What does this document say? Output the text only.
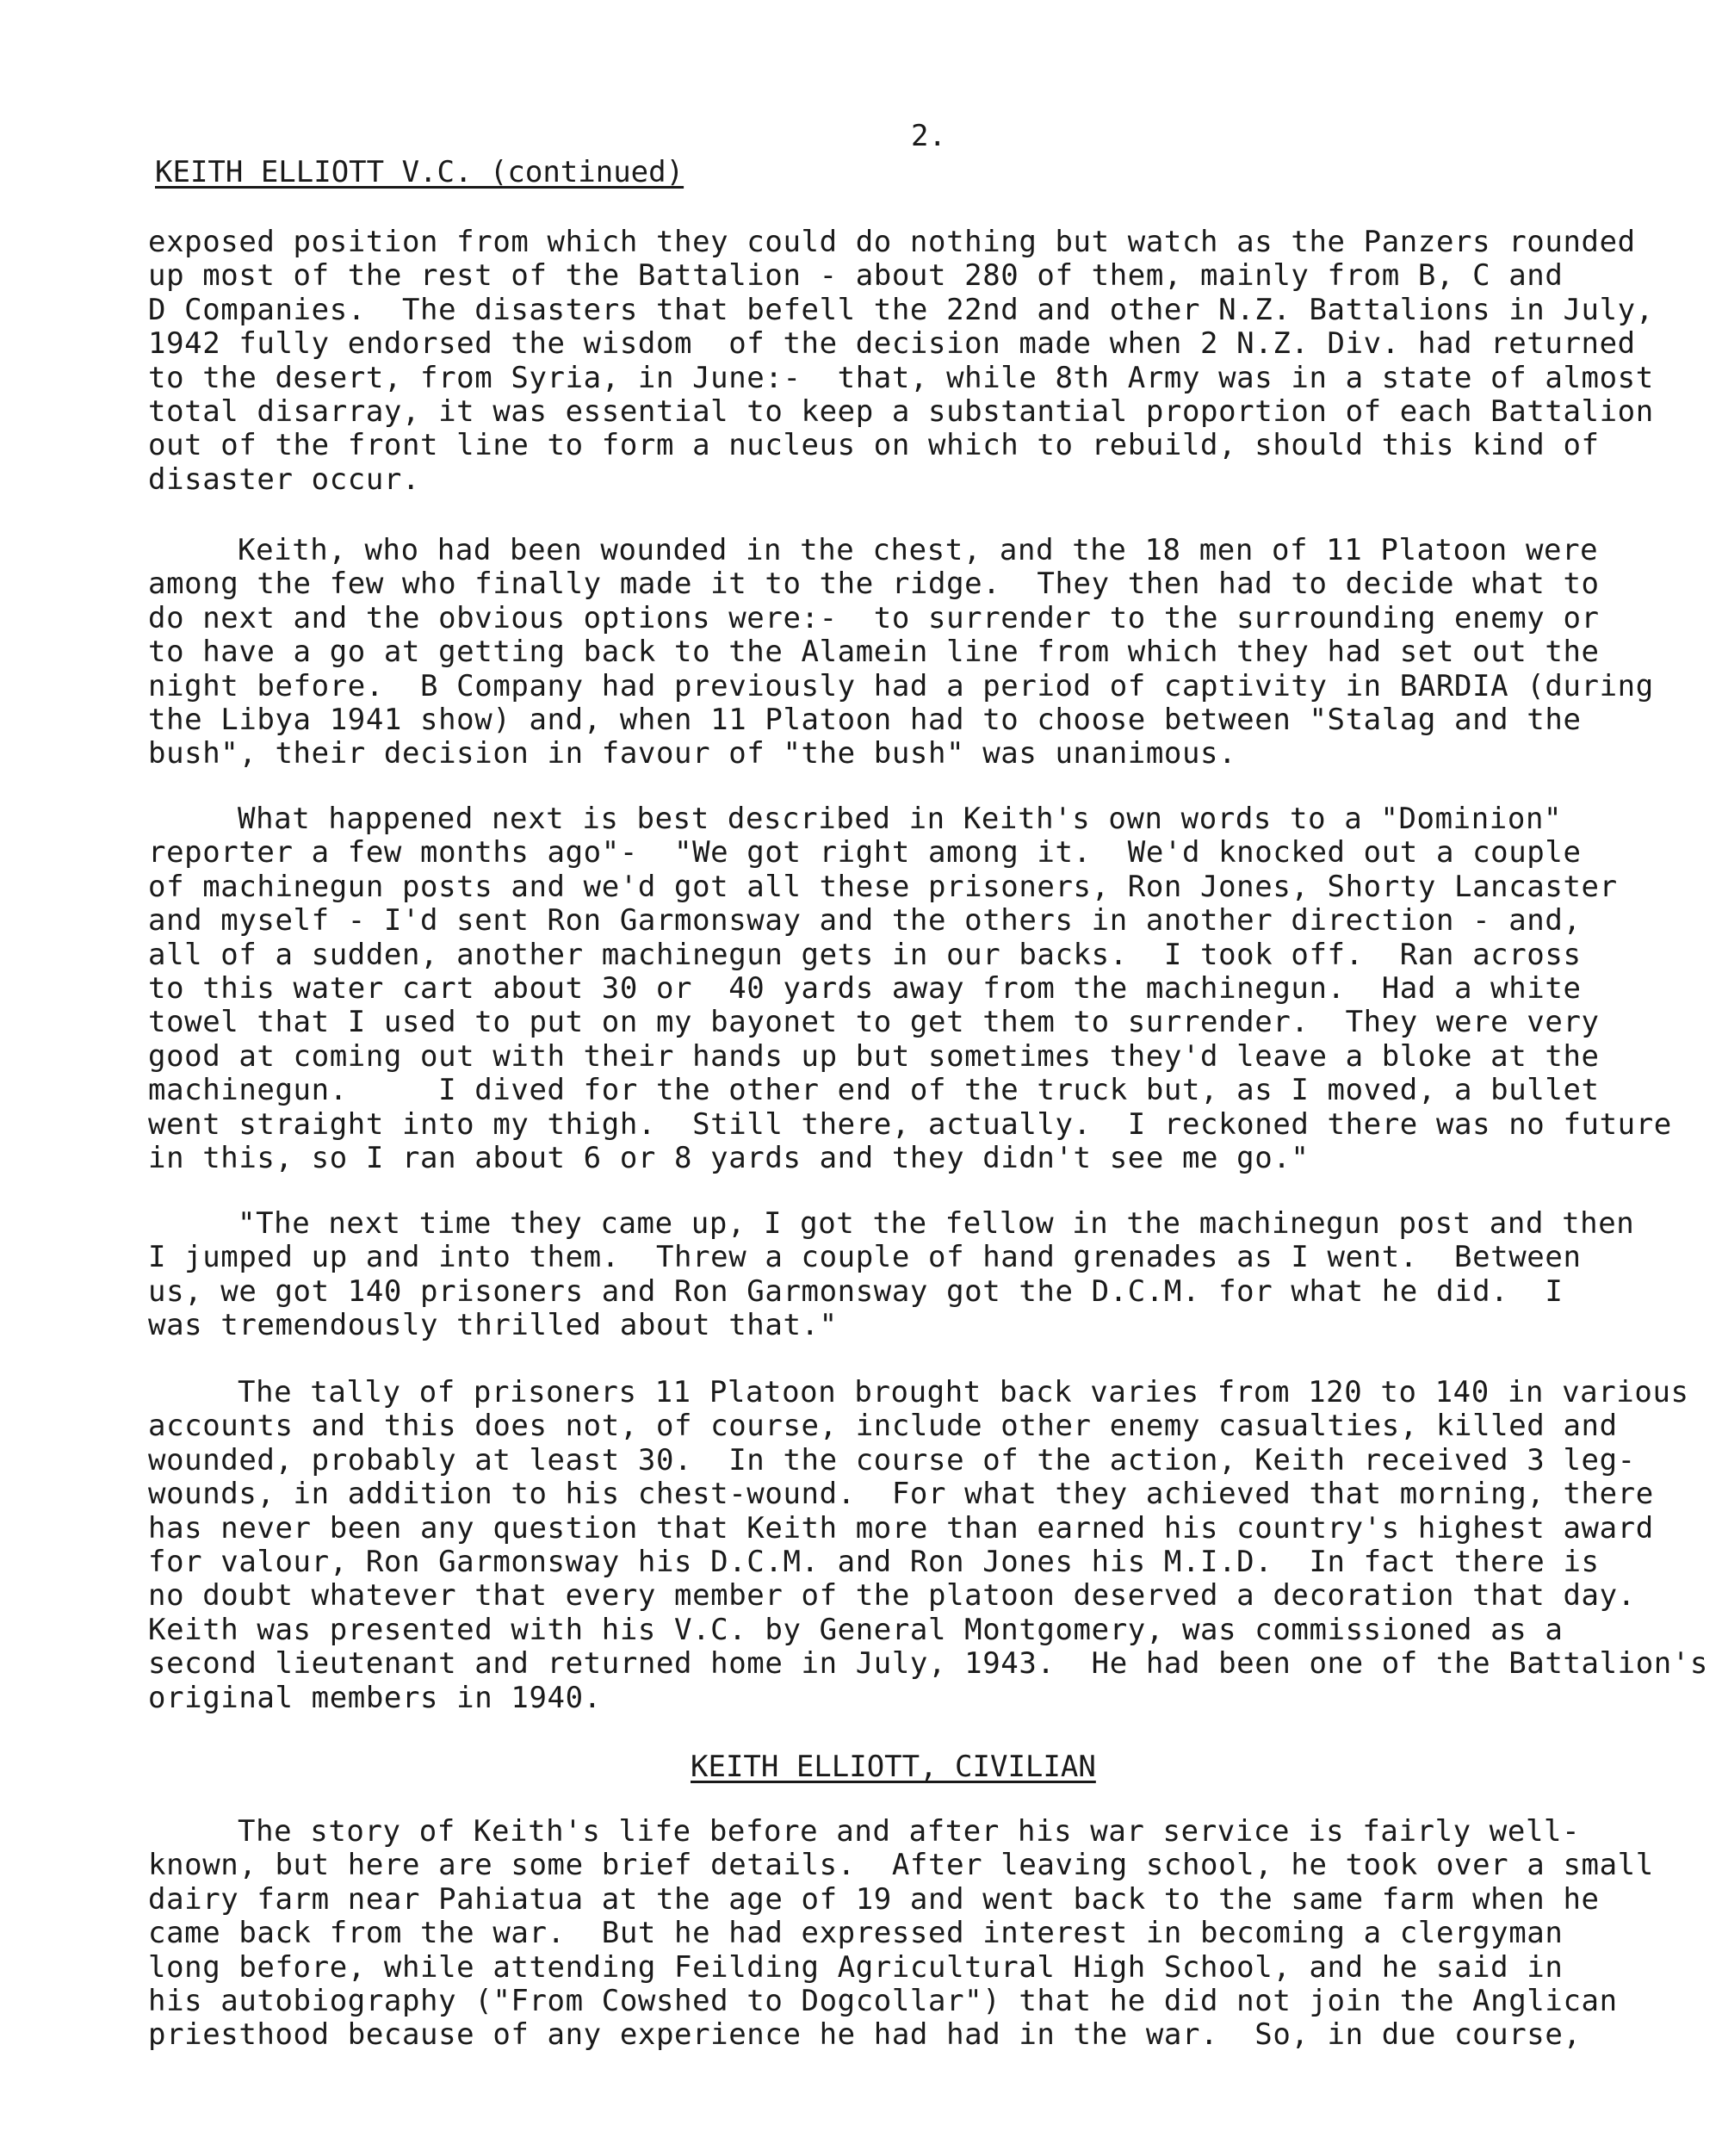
2.
KEITH ELLIOTT V.C. (continued)
exposed position from which they could do nothing but watch as the Panzers rounded
up most of the rest of the Battalion - about 280 of them, mainly from B, C and
D Companies.  The disasters that befell the 22nd and other N.Z. Battalions in July,
1942 fully endorsed the wisdom  of the decision made when 2 N.Z. Div. had returned
to the desert, from Syria, in June:-  that, while 8th Army was in a state of almost
total disarray, it was essential to keep a substantial proportion of each Battalion
out of the front line to form a nucleus on which to rebuild, should this kind of
disaster occur.
Keith, who had been wounded in the chest, and the 18 men of 11 Platoon were
among the few who finally made it to the ridge.  They then had to decide what to
do next and the obvious options were:-  to surrender to the surrounding enemy or
to have a go at getting back to the Alamein line from which they had set out the
night before.  B Company had previously had a period of captivity in BARDIA (during
the Libya 1941 show) and, when 11 Platoon had to choose between "Stalag and the
bush", their decision in favour of "the bush" was unanimous.
What happened next is best described in Keith's own words to a "Dominion"
reporter a few months ago"-  "We got right among it.  We'd knocked out a couple
of machinegun posts and we'd got all these prisoners, Ron Jones, Shorty Lancaster
and myself - I'd sent Ron Garmonsway and the others in another direction - and,
all of a sudden, another machinegun gets in our backs.  I took off.  Ran across
to this water cart about 30 or  40 yards away from the machinegun.  Had a white
towel that I used to put on my bayonet to get them to surrender.  They were very
good at coming out with their hands up but sometimes they'd leave a bloke at the
machinegun.     I dived for the other end of the truck but, as I moved, a bullet
went straight into my thigh.  Still there, actually.  I reckoned there was no future
in this, so I ran about 6 or 8 yards and they didn't see me go."
"The next time they came up, I got the fellow in the machinegun post and then
I jumped up and into them.  Threw a couple of hand grenades as I went.  Between
us, we got 140 prisoners and Ron Garmonsway got the D.C.M. for what he did.  I
was tremendously thrilled about that."
The tally of prisoners 11 Platoon brought back varies from 120 to 140 in various
accounts and this does not, of course, include other enemy casualties, killed and
wounded, probably at least 30.  In the course of the action, Keith received 3 leg-
wounds, in addition to his chest-wound.  For what they achieved that morning, there
has never been any question that Keith more than earned his country's highest award
for valour, Ron Garmonsway his D.C.M. and Ron Jones his M.I.D.  In fact there is
no doubt whatever that every member of the platoon deserved a decoration that day.
Keith was presented with his V.C. by General Montgomery, was commissioned as a
second lieutenant and returned home in July, 1943.  He had been one of the Battalion's
original members in 1940.
KEITH ELLIOTT, CIVILIAN
The story of Keith's life before and after his war service is fairly well-
known, but here are some brief details.  After leaving school, he took over a small
dairy farm near Pahiatua at the age of 19 and went back to the same farm when he
came back from the war.  But he had expressed interest in becoming a clergyman
long before, while attending Feilding Agricultural High School, and he said in
his autobiography ("From Cowshed to Dogcollar") that he did not join the Anglican
priesthood because of any experience he had had in the war.  So, in due course,
